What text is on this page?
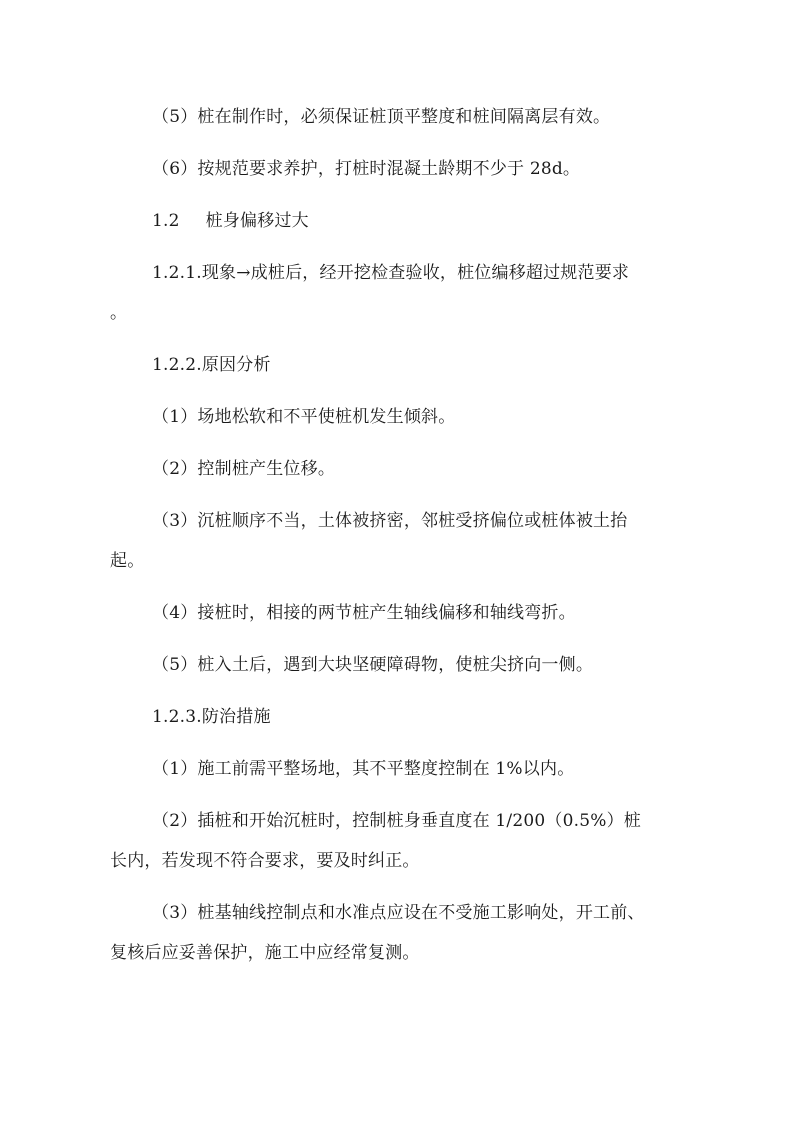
（5）桩在制作时，必须保证桩顶平整度和桩间隔离层有效。
（6）按规范要求养护，打桩时混凝土龄期不少于 28d。
1.2 桩身偏移过大
1.2.1.现象→成桩后，经开挖检查验收，桩位编移超过规范要求
。
1.2.2.原因分析
（1）场地松软和不平使桩机发生倾斜。
（2）控制桩产生位移。
（3）沉桩顺序不当，土体被挤密，邻桩受挤偏位或桩体被土抬
起。
（4）接桩时，相接的两节桩产生轴线偏移和轴线弯折。
（5）桩入土后，遇到大块坚硬障碍物，使桩尖挤向一侧。
1.2.3.防治措施
（1）施工前需平整场地，其不平整度控制在 1%以内。
（2）插桩和开始沉桩时，控制桩身垂直度在 1/200（0.5%）桩
长内，若发现不符合要求，要及时纠正。
（3）桩基轴线控制点和水准点应设在不受施工影响处，开工前、
复核后应妥善保护，施工中应经常复测。
